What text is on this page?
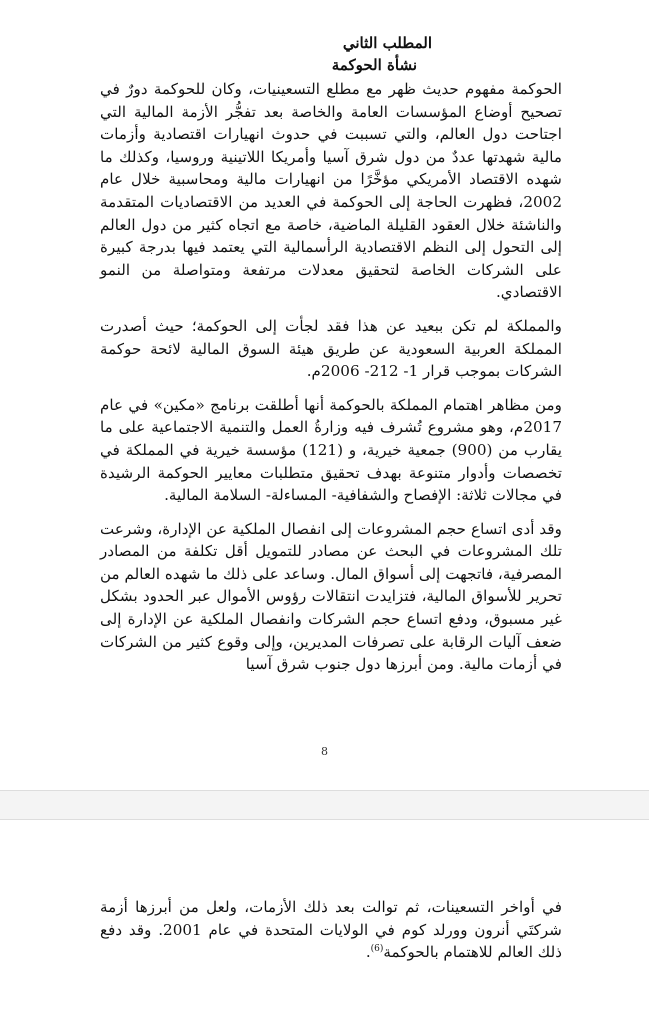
المطلب الثاني

نشأة الحوكمة

الحوكمة مفهوم حديث ظهر مع مطلع التسعينيات، وكان للحوكمة دورٌ في تصحيح أوضاع المؤسسات العامة والخاصة بعد تفجُّر الأزمة المالية التي اجتاحت دول العالم، والتي تسببت في حدوث انهيارات اقتصادية وأزمات مالية شهدتها عددٌ من دول شرق آسيا وأمريكا اللاتينية وروسيا، وكذلك ما شهده الاقتصاد الأمريكي مؤخَّرًا من انهيارات مالية ومحاسبية خلال عام 2002، فظهرت الحاجة إلى الحوكمة في العديد من الاقتصاديات المتقدمة والناشئة خلال العقود القليلة الماضية، خاصة مع اتجاه كثير من دول العالم إلى التحول إلى النظم الاقتصادية الرأسمالية التي يعتمد فيها بدرجة كبيرة على الشركات الخاصة لتحقيق معدلات مرتفعة ومتواصلة من النمو الاقتصادي.

والمملكة لم تكن ببعيد عن هذا فقد لجأت إلى الحوكمة؛ حيث أصدرت المملكة العربية السعودية عن طريق هيئة السوق المالية لائحة حوكمة الشركات بموجب قرار 1- 212- 2006م.

ومن مظاهر اهتمام المملكة بالحوكمة أنها أطلقت برنامج «مكين» في عام 2017م، وهو مشروع تُشرف فيه وزارةُ العمل والتنمية الاجتماعية على ما يقارب من (900) جمعية خيرية، و (121) مؤسسة خيرية في المملكة في تخصصات وأدوار متنوعة بهدف تحقيق متطلبات معايير الحوكمة الرشيدة في مجالات ثلاثة: الإفصاح والشفافية- المساءلة- السلامة المالية.

وقد أدى اتساع حجم المشروعات إلى انفصال الملكية عن الإدارة، وشرعت تلك المشروعات في البحث عن مصادر للتمويل أقل تكلفة من المصادر المصرفية، فاتجهت إلى أسواق المال. وساعد على ذلك ما شهده العالم من تحرير للأسواق المالية، فتزايدت انتقالات رؤوس الأموال عبر الحدود بشكل غير مسبوق، ودفع اتساع حجم الشركات وانفصال الملكية عن الإدارة إلى ضعف آليات الرقابة على تصرفات المديرين، وإلى وقوع كثير من الشركات في أزمات مالية. ومن أبرزها دول جنوب شرق آسيا

8

في أواخر التسعينات، ثم توالت بعد ذلك الأزمات، ولعل من أبرزها أزمة شركتَي أنرون وورلد كوم في الولايات المتحدة في عام 2001. وقد دفع ذلك العالم للاهتمام بالحوكمة$^{(6)}$.
